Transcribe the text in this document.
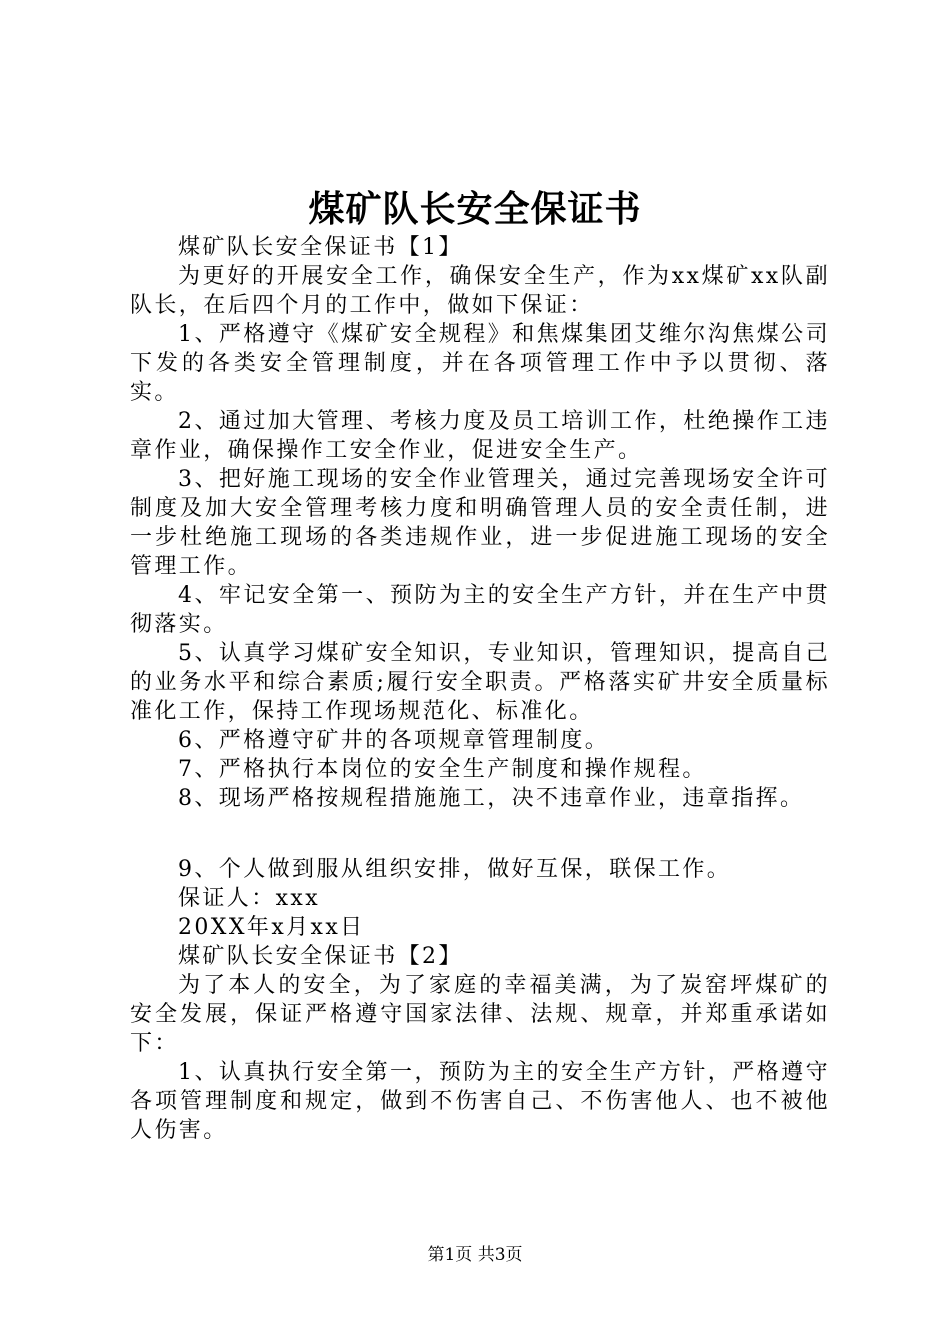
煤矿队长安全保证书

煤矿队长安全保证书【1】

为更好的开展安全工作，确保安全生产，作为xx煤矿xx队副队长，在后四个月的工作中，做如下保证：

1、严格遵守《煤矿安全规程》和焦煤集团艾维尔沟焦煤公司下发的各类安全管理制度，并在各项管理工作中予以贯彻、落实。

2、通过加大管理、考核力度及员工培训工作，杜绝操作工违章作业，确保操作工安全作业，促进安全生产。

3、把好施工现场的安全作业管理关，通过完善现场安全许可制度及加大安全管理考核力度和明确管理人员的安全责任制，进一步杜绝施工现场的各类违规作业，进一步促进施工现场的安全管理工作。

4、牢记安全第一、预防为主的安全生产方针，并在生产中贯彻落实。

5、认真学习煤矿安全知识，专业知识，管理知识，提高自己的业务水平和综合素质;履行安全职责。严格落实矿井安全质量标准化工作，保持工作现场规范化、标准化。

6、严格遵守矿井的各项规章管理制度。

7、严格执行本岗位的安全生产制度和操作规程。

8、现场严格按规程措施施工，决不违章作业，违章指挥。

9、个人做到服从组织安排，做好互保，联保工作。

保证人：xxx

20XX年x月xx日

煤矿队长安全保证书【2】

为了本人的安全，为了家庭的幸福美满，为了炭窑坪煤矿的安全发展，保证严格遵守国家法律、法规、规章，并郑重承诺如下：

1、认真执行安全第一，预防为主的安全生产方针，严格遵守各项管理制度和规定，做到不伤害自己、不伤害他人、也不被他人伤害。

第1页 共3页
